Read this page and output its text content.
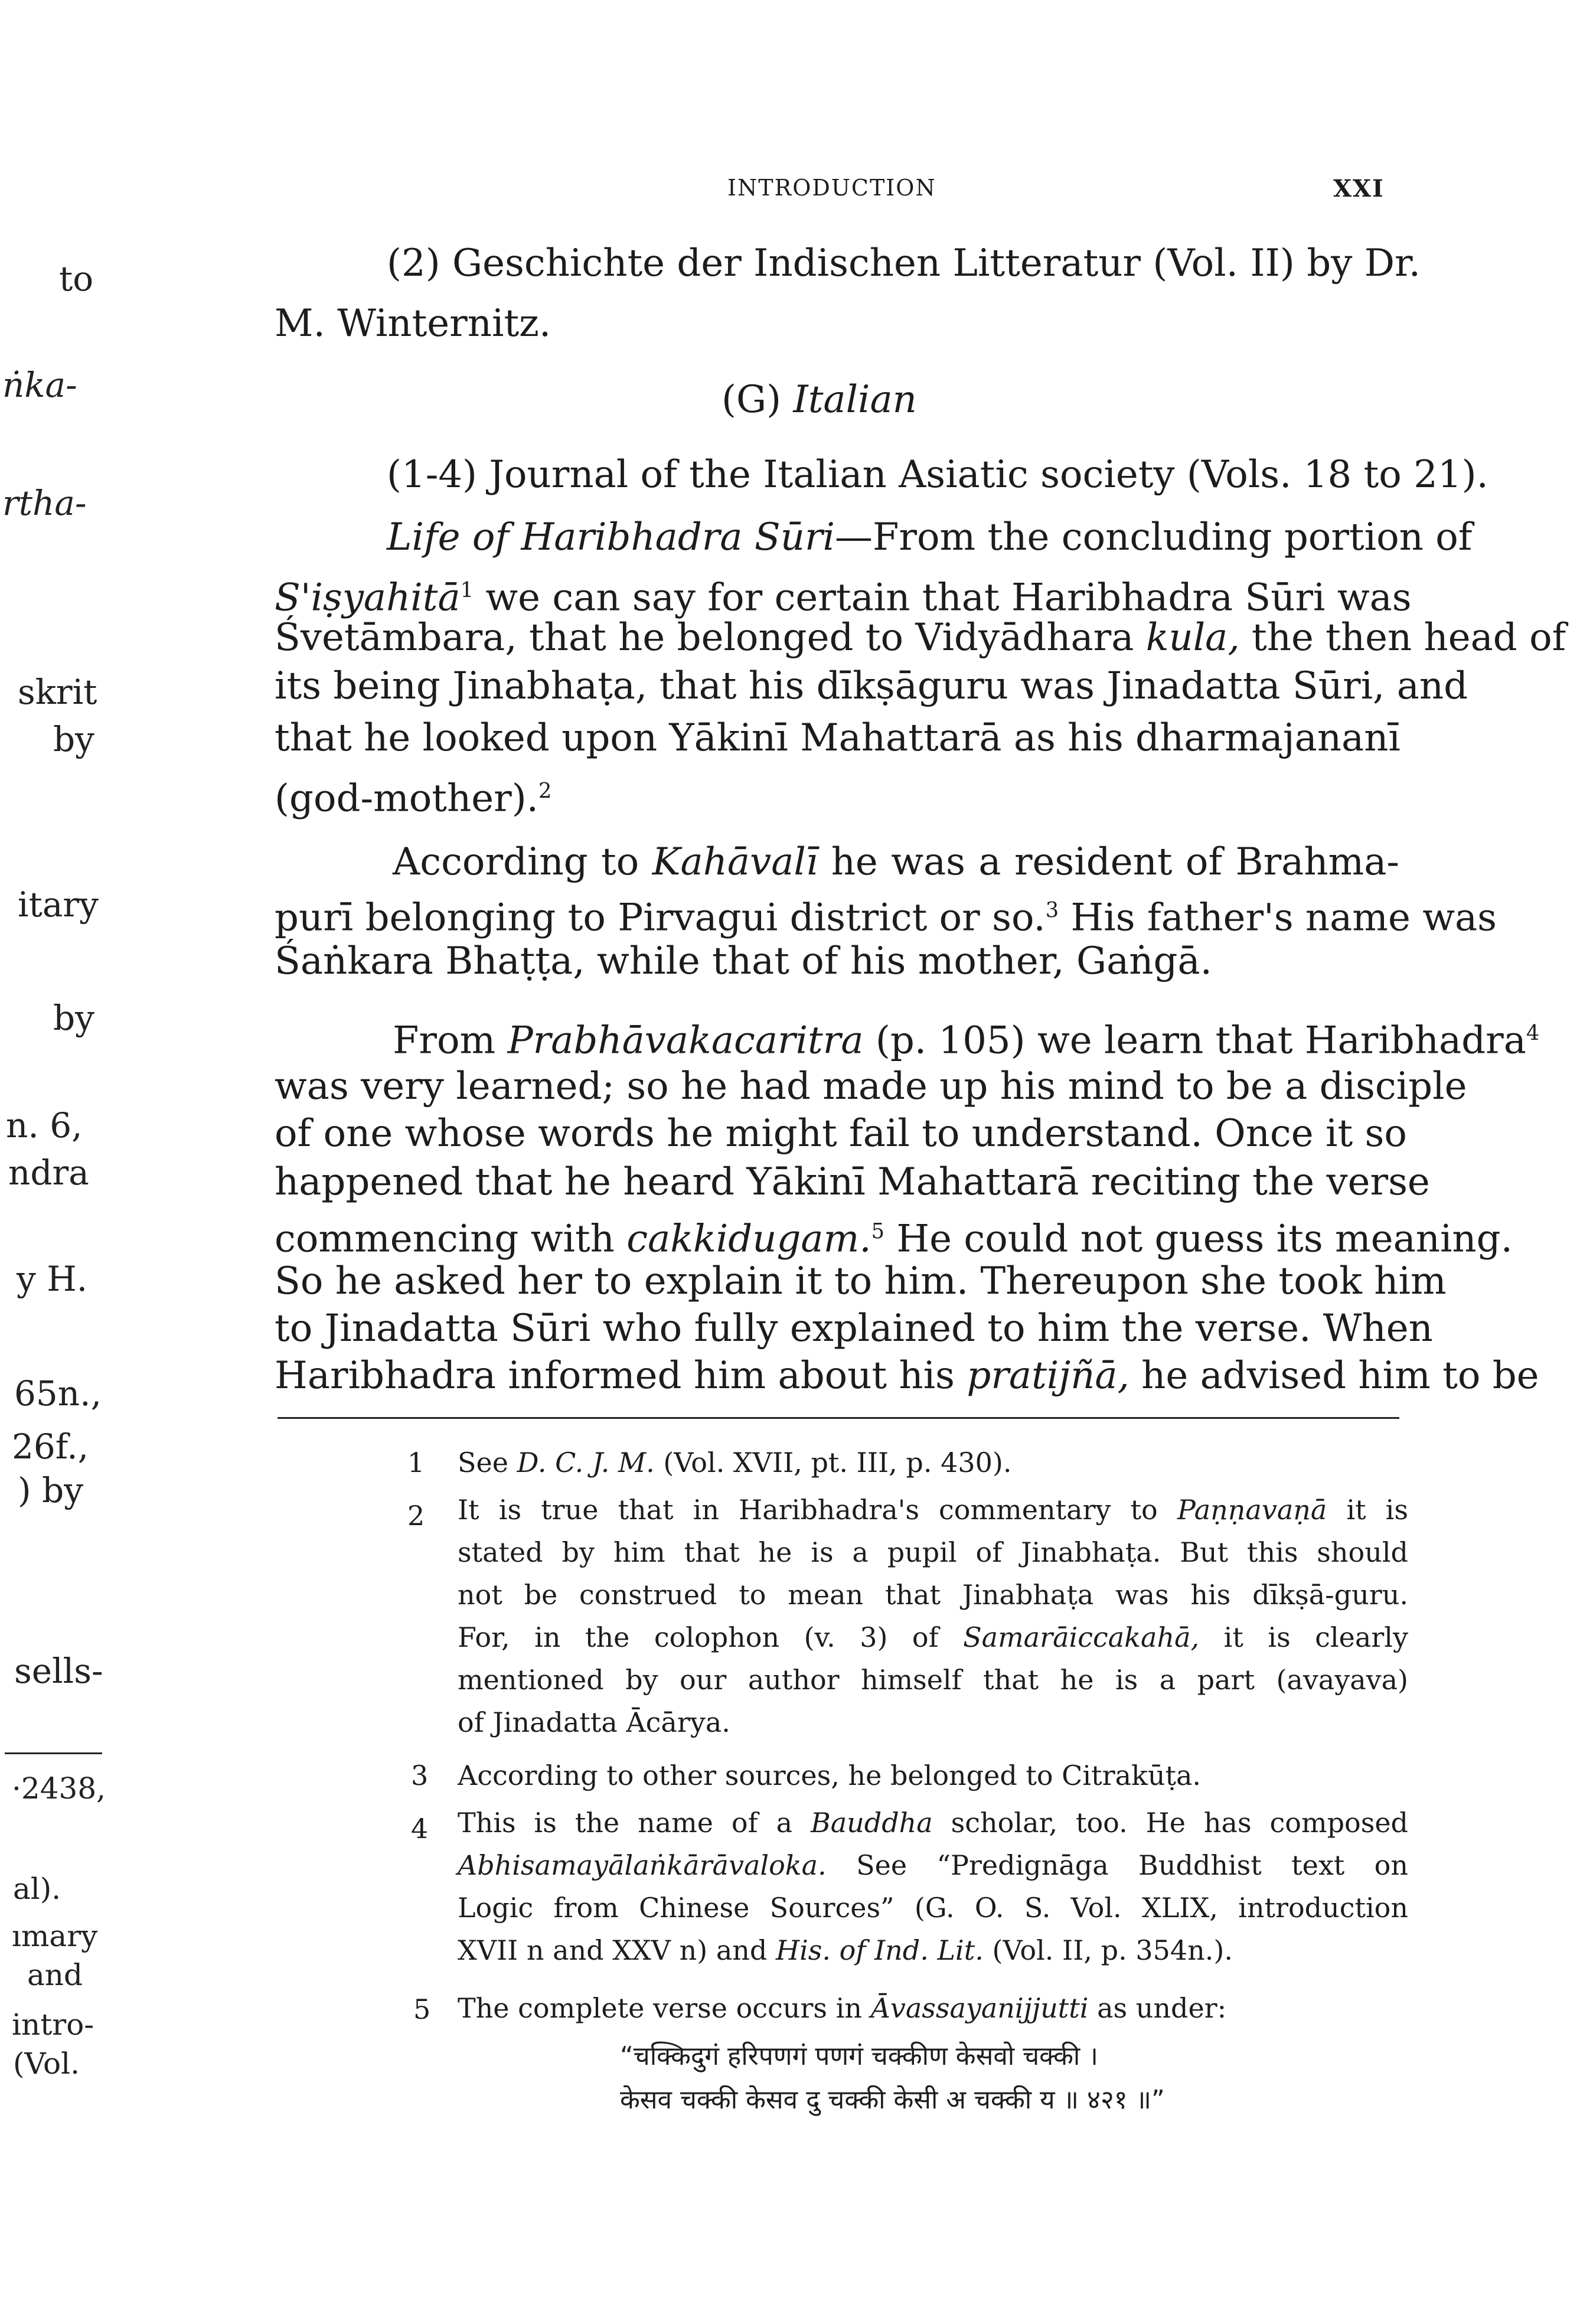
to
ṅka-
rtha-
skrit
by
itary
by
n. 6,
ndra
y H.
65n.,
26f.,
) by
sells-
·2438,
al).
ımary
and
intro-
(Vol.
INTRODUCTION	XXI
(2) Geschichte der Indischen Litteratur (Vol. II) by Dr.
M. Winternitz.
(G) Italian
(1-4) Journal of the Italian Asiatic society (Vols. 18 to 21).
Life of Haribhadra Sūri—From the concluding portion of
S'iṣyahitā$^1$ we can say for certain that Haribhadra Sūri was
Śvetāmbara, that he belonged to Vidyādhara kula, the then head of
its being Jinabhaṭa, that his dīkṣāguru was Jinadatta Sūri, and
that he looked upon Yākinī Mahattarā as his dharmajananī
(god-mother).$^2$
According to Kahāvalī he was a resident of Brahma-
purī belonging to Pirvagui district or so.$^3$ His father's name was
Śaṅkara Bhaṭṭa, while that of his mother, Gaṅgā.
From Prabhāvakacaritra (p. 105) we learn that Haribhadra$^4$
was very learned; so he had made up his mind to be a disciple
of one whose words he might fail to understand. Once it so
happened that he heard Yākinī Mahattarā reciting the verse
commencing with cakkidugam.$^5$ He could not guess its meaning.
So he asked her to explain it to him. Thereupon she took him
to Jinadatta Sūri who fully explained to him the verse. When
Haribhadra informed him about his pratijñā, he advised him to be
1 See D. C. J. M. (Vol. XVII, pt. III, p. 430).
2 It is true that in Haribhadra's commentary to Paṇṇavaṇā it is
stated by him that he is a pupil of Jinabhaṭa. But this should
not be construed to mean that Jinabhaṭa was his dīkṣā-guru.
For, in the colophon (v. 3) of Samarāiccakahā, it is clearly
mentioned by our author himself that he is a part (avayava)
of Jinadatta Ācārya.
3 According to other sources, he belonged to Citrakūṭa.
4 This is the name of a Bauddha scholar, too. He has composed
Abhisamayālaṅkārāvaloka. See “Predignāga Buddhist text on
Logic from Chinese Sources” (G. O. S. Vol. XLIX, introduction
XVII n and XXV n) and His. of Ind. Lit. (Vol. II, p. 354n.).
5 The complete verse occurs in Āvassayanijjutti as under:
“चक्किदुगं हरिपणगं पणगं चक्कीण केसवो चक्की ।
केसव चक्की केसव दु चक्की केसी अ चक्की य ॥ ४२१ ॥”
